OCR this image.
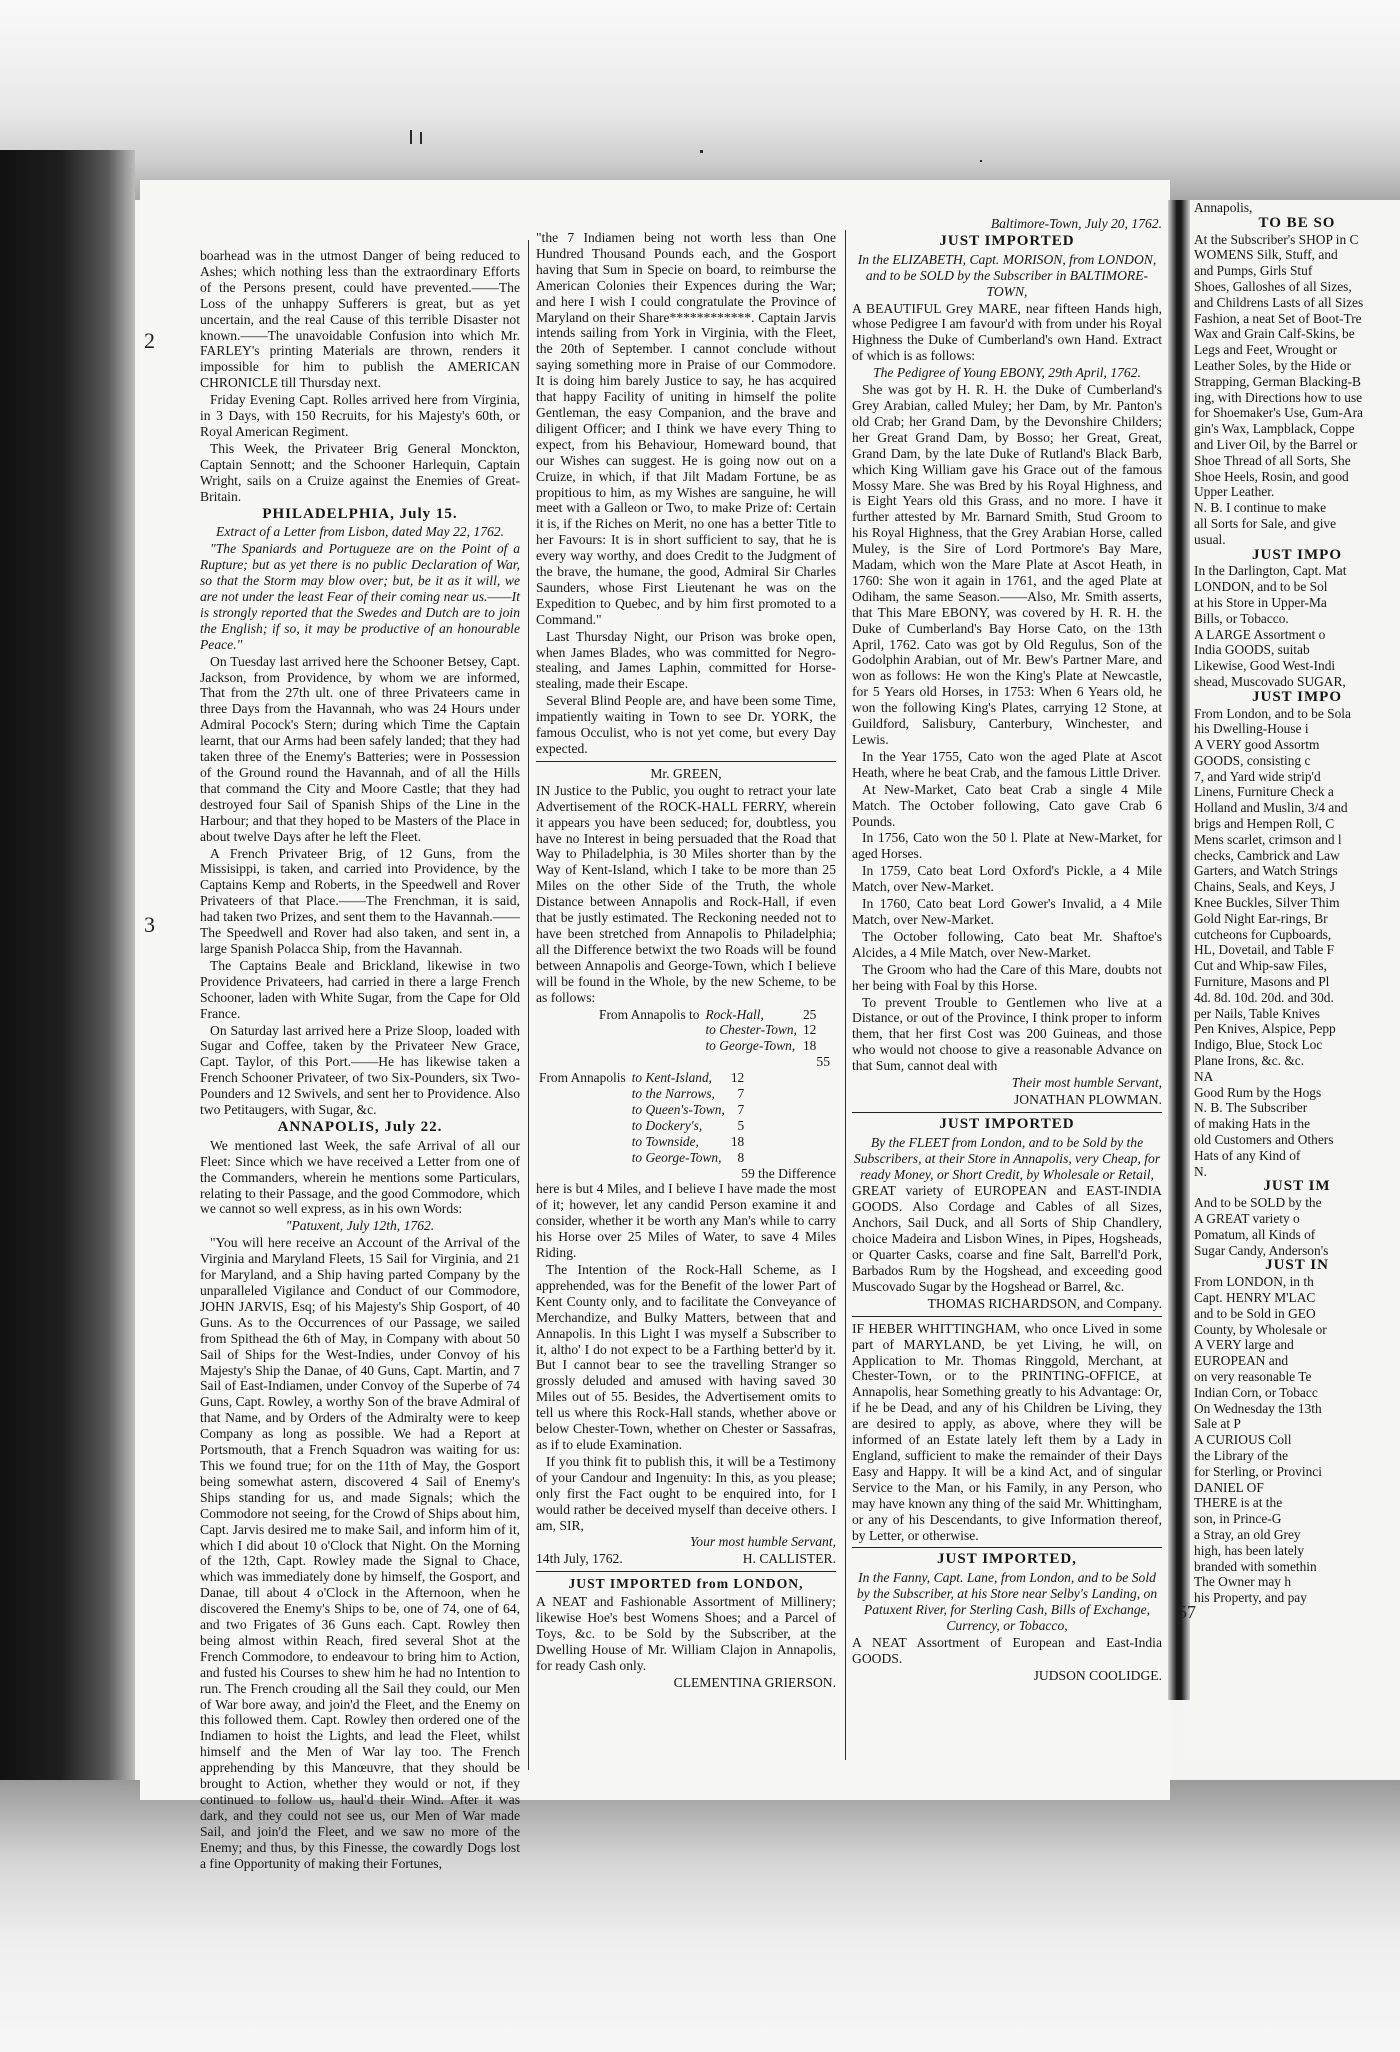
boarhead was in the utmost Danger of being reduced to Ashes; which nothing less than the extraordinary Efforts of the Persons present, could have prevented.——The Loss of the unhappy Sufferers is great, but as yet uncertain, and the real Cause of this terrible Disaster not known.——The unavoidable Confusion into which Mr. FARLEY's printing Materials are thrown, renders it impossible for him to publish the AMERICAN CHRONICLE till Thursday next.

Friday Evening Capt. Rolles arrived here from Virginia, in 3 Days, with 150 Recruits, for his Majesty's 60th, or Royal American Regiment.

This Week, the Privateer Brig General Monckton, Captain Sennott; and the Schooner Harlequin, Captain Wright, sails on a Cruize against the Enemies of Great-Britain.

PHILADELPHIA, July 15.

Extract of a Letter from Lisbon, dated May 22, 1762.

"The Spaniards and Portugueze are on the Point of a Rupture; but as yet there is no public Declaration of War, so that the Storm may blow over; but, be it as it will, we are not under the least Fear of their coming near us.——It is strongly reported that the Swedes and Dutch are to join the English; if so, it may be productive of an honourable Peace."

On Tuesday last arrived here the Schooner Betsey, Capt. Jackson, from Providence, by whom we are informed, That from the 27th ult. one of three Privateers came in three Days from the Havannah, who was 24 Hours under Admiral Pocock's Stern; during which Time the Captain learnt, that our Arms had been safely landed; that they had taken three of the Enemy's Batteries; were in Possession of the Ground round the Havannah, and of all the Hills that command the City and Moore Castle; that they had destroyed four Sail of Spanish Ships of the Line in the Harbour; and that they hoped to be Masters of the Place in about twelve Days after he left the Fleet.

A French Privateer Brig, of 12 Guns, from the Missisippi, is taken, and carried into Providence, by the Captains Kemp and Roberts, in the Speedwell and Rover Privateers of that Place.——The Frenchman, it is said, had taken two Prizes, and sent them to the Havannah.——The Speedwell and Rover had also taken, and sent in, a large Spanish Polacca Ship, from the Havannah.

The Captains Beale and Brickland, likewise in two Providence Privateers, had carried in there a large French Schooner, laden with White Sugar, from the Cape for Old France.

On Saturday last arrived here a Prize Sloop, loaded with Sugar and Coffee, taken by the Privateer New Grace, Capt. Taylor, of this Port.——He has likewise taken a French Schooner Privateer, of two Six-Pounders, six Two-Pounders and 12 Swivels, and sent her to Providence. Also two Petitaugers, with Sugar, &c.

ANNAPOLIS, July 22.

We mentioned last Week, the safe Arrival of all our Fleet: Since which we have received a Letter from one of the Commanders, wherein he mentions some Particulars, relating to their Passage, and the good Commodore, which we cannot so well express, as in his own Words:

"Patuxent, July 12th, 1762.

"You will here receive an Account of the Arrival of the Virginia and Maryland Fleets, 15 Sail for Virginia, and 21 for Maryland, and a Ship having parted Company by the unparalleled Vigilance and Conduct of our Commodore, JOHN JARVIS, Esq; of his Majesty's Ship Gosport, of 40 Guns. As to the Occurrences of our Passage, we sailed from Spithead the 6th of May, in Company with about 50 Sail of Ships for the West-Indies, under Convoy of his Majesty's Ship the Danae, of 40 Guns, Capt. Martin, and 7 Sail of East-Indiamen, under Convoy of the Superbe of 74 Guns, Capt. Rowley, a worthy Son of the brave Admiral of that Name, and by Orders of the Admiralty were to keep Company as long as possible. We had a Report at Portsmouth, that a French Squadron was waiting for us: This we found true; for on the 11th of May, the Gosport being somewhat astern, discovered 4 Sail of Enemy's Ships standing for us, and made Signals; which the Commodore not seeing, for the Crowd of Ships about him, Capt. Jarvis desired me to make Sail, and inform him of it, which I did about 10 o'Clock that Night. On the Morning of the 12th, Capt. Rowley made the Signal to Chace, which was immediately done by himself, the Gosport, and Danae, till about 4 o'Clock in the Afternoon, when he discovered the Enemy's Ships to be, one of 74, one of 64, and two Frigates of 36 Guns each. Capt. Rowley then being almost within Reach, fired several Shot at the French Commodore, to endeavour to bring him to Action, and fusted his Courses to shew him he had no Intention to run. The French crouding all the Sail they could, our Men of War bore away, and join'd the Fleet, and the Enemy on this followed them. Capt. Rowley then ordered one of the Indiamen to hoist the Lights, and lead the Fleet, whilst himself and the Men of War lay too. The French apprehending by this Manœuvre, that they should be brought to Action, whether they would or not, if they continued to follow us, haul'd their Wind. After it was dark, and they could not see us, our Men of War made Sail, and join'd the Fleet, and we saw no more of the Enemy; and thus, by this Finesse, the cowardly Dogs lost a fine Opportunity of making their Fortunes,

"the 7 Indiamen being not worth less than One Hundred Thousand Pounds each, and the Gosport having that Sum in Specie on board, to reimburse the American Colonies their Expences during the War; and here I wish I could congratulate the Province of Maryland on their Share************. Captain Jarvis intends sailing from York in Virginia, with the Fleet, the 20th of September. I cannot conclude without saying something more in Praise of our Commodore. It is doing him barely Justice to say, he has acquired that happy Facility of uniting in himself the polite Gentleman, the easy Companion, and the brave and diligent Officer; and I think we have every Thing to expect, from his Behaviour, Homeward bound, that our Wishes can suggest. He is going now out on a Cruize, in which, if that Jilt Madam Fortune, be as propitious to him, as my Wishes are sanguine, he will meet with a Galleon or Two, to make Prize of: Certain it is, if the Riches on Merit, no one has a better Title to her Favours: It is in short sufficient to say, that he is every way worthy, and does Credit to the Judgment of the brave, the humane, the good, Admiral Sir Charles Saunders, whose First Lieutenant he was on the Expedition to Quebec, and by him first promoted to a Command."

Last Thursday Night, our Prison was broke open, when James Blades, who was committed for Negro-stealing, and James Laphin, committed for Horse-stealing, made their Escape.

Several Blind People are, and have been some Time, impatiently waiting in Town to see Dr. YORK, the famous Occulist, who is not yet come, but every Day expected.

Mr. GREEN,

IN Justice to the Public, you ought to retract your late Advertisement of the ROCK-HALL FERRY, wherein it appears you have been seduced; for, doubtless, you have no Interest in being persuaded that the Road that Way to Philadelphia, is 30 Miles shorter than by the Way of Kent-Island, which I take to be more than 25 Miles on the other Side of the Truth, the whole Distance between Annapolis and Rock-Hall, if even that be justly estimated. The Reckoning needed not to have been stretched from Annapolis to Philadelphia; all the Difference betwixt the two Roads will be found between Annapolis and George-Town, which I believe will be found in the Whole, by the new Scheme, to be as follows:

From Annapolis to	Rock-Hall,	25
	to Chester-Town,	12
	to George-Town,	18
55
From Annapolis	to Kent-Island,	12
	to the Narrows,	7
	to Queen's-Town,	7
	to Dockery's,	5
	to Townside,	18
	to George-Town,	8
59 the Difference

here is but 4 Miles, and I believe I have made the most of it; however, let any candid Person examine it and consider, whether it be worth any Man's while to carry his Horse over 25 Miles of Water, to save 4 Miles Riding.

The Intention of the Rock-Hall Scheme, as I apprehended, was for the Benefit of the lower Part of Kent County only, and to facilitate the Conveyance of Merchandize, and Bulky Matters, between that and Annapolis. In this Light I was myself a Subscriber to it, altho' I do not expect to be a Farthing better'd by it. But I cannot bear to see the travelling Stranger so grossly deluded and amused with having saved 30 Miles out of 55. Besides, the Advertisement omits to tell us where this Rock-Hall stands, whether above or below Chester-Town, whether on Chester or Sassafras, as if to elude Examination.

If you think fit to publish this, it will be a Testimony of your Candour and Ingenuity: In this, as you please; only first the Fact ought to be enquired into, for I would rather be deceived myself than deceive others. I am, SIR,

Your most humble Servant,

14th July, 1762.	H. CALLISTER.

JUST IMPORTED from LONDON,

A NEAT and Fashionable Assortment of Millinery; likewise Hoe's best Womens Shoes; and a Parcel of Toys, &c. to be Sold by the Subscriber, at the Dwelling House of Mr. William Clajon in Annapolis, for ready Cash only.

CLEMENTINA GRIERSON.

Baltimore-Town, July 20, 1762.

JUST IMPORTED

In the ELIZABETH, Capt. MORISON, from LONDON, and to be SOLD by the Subscriber in BALTIMORE-TOWN,

A BEAUTIFUL Grey MARE, near fifteen Hands high, whose Pedigree I am favour'd with from under his Royal Highness the Duke of Cumberland's own Hand. Extract of which is as follows:

The Pedigree of Young EBONY, 29th April, 1762.

She was got by H. R. H. the Duke of Cumberland's Grey Arabian, called Muley; her Dam, by Mr. Panton's old Crab; her Grand Dam, by the Devonshire Childers; her Great Grand Dam, by Bosso; her Great, Great, Grand Dam, by the late Duke of Rutland's Black Barb, which King William gave his Grace out of the famous Mossy Mare. She was Bred by his Royal Highness, and is Eight Years old this Grass, and no more. I have it further attested by Mr. Barnard Smith, Stud Groom to his Royal Highness, that the Grey Arabian Horse, called Muley, is the Sire of Lord Portmore's Bay Mare, Madam, which won the Mare Plate at Ascot Heath, in 1760: She won it again in 1761, and the aged Plate at Odiham, the same Season.——Also, Mr. Smith asserts, that This Mare EBONY, was covered by H. R. H. the Duke of Cumberland's Bay Horse Cato, on the 13th April, 1762. Cato was got by Old Regulus, Son of the Godolphin Arabian, out of Mr. Bew's Partner Mare, and won as follows: He won the King's Plate at Newcastle, for 5 Years old Horses, in 1753: When 6 Years old, he won the following King's Plates, carrying 12 Stone, at Guildford, Salisbury, Canterbury, Winchester, and Lewis.

In the Year 1755, Cato won the aged Plate at Ascot Heath, where he beat Crab, and the famous Little Driver.

At New-Market, Cato beat Crab a single 4 Mile Match. The October following, Cato gave Crab 6 Pounds.

In 1756, Cato won the 50 l. Plate at New-Market, for aged Horses.

In 1759, Cato beat Lord Oxford's Pickle, a 4 Mile Match, over New-Market.

In 1760, Cato beat Lord Gower's Invalid, a 4 Mile Match, over New-Market.

The October following, Cato beat Mr. Shaftoe's Alcides, a 4 Mile Match, over New-Market.

The Groom who had the Care of this Mare, doubts not her being with Foal by this Horse.

To prevent Trouble to Gentlemen who live at a Distance, or out of the Province, I think proper to inform them, that her first Cost was 200 Guineas, and those who would not choose to give a reasonable Advance on that Sum, cannot deal with

Their most humble Servant,

JONATHAN PLOWMAN.

JUST IMPORTED

By the FLEET from London, and to be Sold by the Subscribers, at their Store in Annapolis, very Cheap, for ready Money, or Short Credit, by Wholesale or Retail,

GREAT variety of EUROPEAN and EAST-INDIA GOODS. Also Cordage and Cables of all Sizes, Anchors, Sail Duck, and all Sorts of Ship Chandlery, choice Madeira and Lisbon Wines, in Pipes, Hogsheads, or Quarter Casks, coarse and fine Salt, Barrell'd Pork, Barbados Rum by the Hogshead, and exceeding good Muscovado Sugar by the Hogshead or Barrel, &c.

THOMAS RICHARDSON, and Company.

IF HEBER WHITTINGHAM, who once Lived in some part of MARYLAND, be yet Living, he will, on Application to Mr. Thomas Ringgold, Merchant, at Chester-Town, or to the PRINTING-OFFICE, at Annapolis, hear Something greatly to his Advantage: Or, if he be Dead, and any of his Children be Living, they are desired to apply, as above, where they will be informed of an Estate lately left them by a Lady in England, sufficient to make the remainder of their Days Easy and Happy. It will be a kind Act, and of singular Service to the Man, or his Family, in any Person, who may have known any thing of the said Mr. Whittingham, or any of his Descendants, to give Information thereof, by Letter, or otherwise.

JUST IMPORTED,

In the Fanny, Capt. Lane, from London, and to be Sold by the Subscriber, at his Store near Selby's Landing, on Patuxent River, for Sterling Cash, Bills of Exchange, Currency, or Tobacco,

A NEAT Assortment of European and East-India GOODS.

JUDSON COOLIDGE.

Annapolis,

TO BE SO

At the Subscriber's SHOP in C

WOMENS Silk, Stuff, and

and Pumps, Girls Stuf

Shoes, Galloshes of all Sizes,

and Childrens Lasts of all Sizes

Fashion, a neat Set of Boot-Tre

Wax and Grain Calf-Skins, be

Legs and Feet, Wrought or

Leather Soles, by the Hide or

Strapping, German Blacking-B

ing, with Directions how to use

for Shoemaker's Use, Gum-Ara

gin's Wax, Lampblack, Coppe

and Liver Oil, by the Barrel or

Shoe Thread of all Sorts, She

Shoe Heels, Rosin, and good

Upper Leather.

N. B. I continue to make

all Sorts for Sale, and give

usual.

JUST IMPO

In the Darlington, Capt. Mat

LONDON, and to be Sol

at his Store in Upper-Ma

Bills, or Tobacco.

A LARGE Assortment o

India GOODS, suitab

Likewise, Good West-Indi

shead, Muscovado SUGAR,

JUST IMPO

From London, and to be Sola

his Dwelling-House i

A VERY good Assortm

GOODS, consisting c

7, and Yard wide strip'd

Linens, Furniture Check a

Holland and Muslin, 3/4 and

brigs and Hempen Roll, C

Mens scarlet, crimson and l

checks, Cambrick and Law

Garters, and Watch Strings

Chains, Seals, and Keys, J

Knee Buckles, Silver Thim

Gold Night Ear-rings, Br

cutcheons for Cupboards,

HL, Dovetail, and Table F

Cut and Whip-saw Files,

Furniture, Masons and Pl

4d. 8d. 10d. 20d. and 30d.

per Nails, Table Knives

Pen Knives, Alspice, Pepp

Indigo, Blue, Stock Loc

Plane Irons, &c. &c.

NA

Good Rum by the Hogs

N. B. The Subscriber

of making Hats in the

old Customers and Others

Hats of any Kind of

N.

JUST IM

And to be SOLD by the

A GREAT variety o

Pomatum, all Kinds of

Sugar Candy, Anderson's

JUST IN

From LONDON, in th

Capt. HENRY M'LAC

and to be Sold in GEO

County, by Wholesale or

A VERY large and

EUROPEAN and

on very reasonable Te

Indian Corn, or Tobacc

On Wednesday the 13th

Sale at P

A CURIOUS Coll

the Library of the

for Sterling, or Provinci

DANIEL OF

THERE is at the

son, in Prince-G

a Stray, an old Grey

high, has been lately

branded with somethin

The Owner may h

his Property, and pay

2
3
57
